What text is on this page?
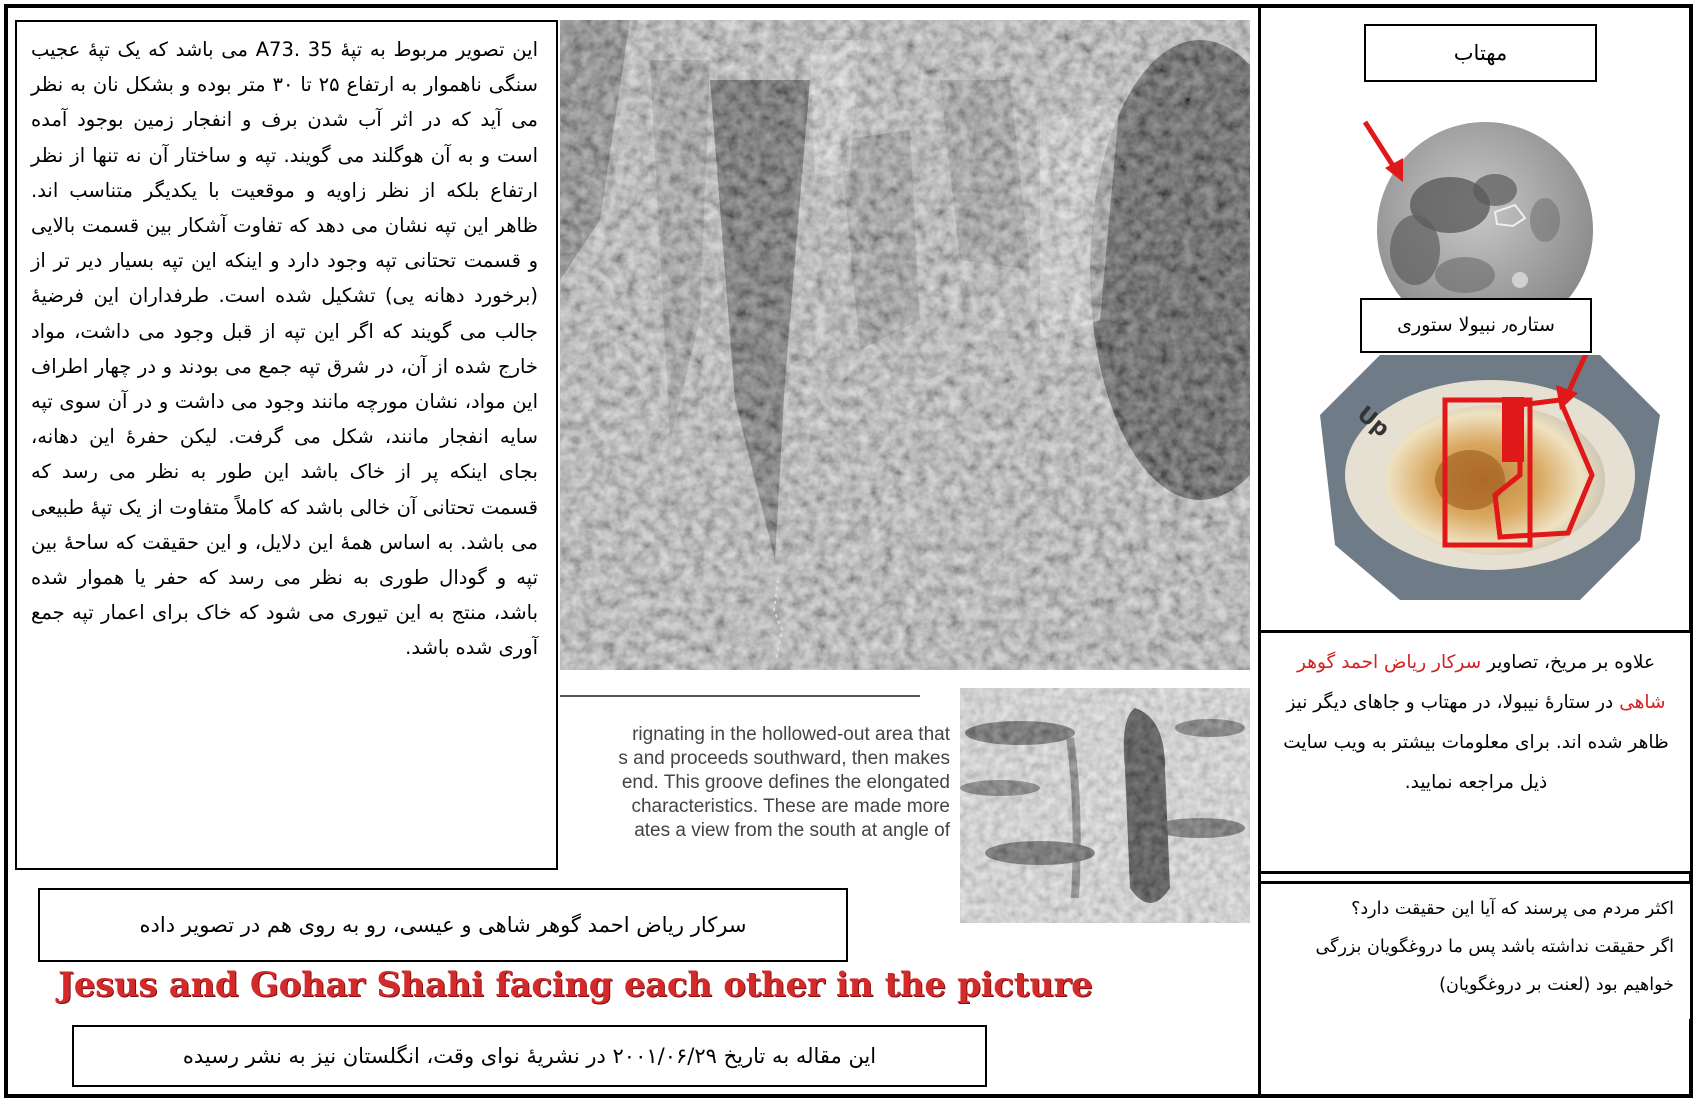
rignating in the hollowed-out area that
s and proceeds southward, then makes
end. This groove defines the elongated
characteristics. These are made more
ates a view from the south at angle of

این تصویر مربوط به تپۀ A73. 35 می باشد که یک تپۀ عجیب سنگی ناهموار به ارتفاع ۲۵ تا ۳۰ متر بوده و بشکل نان به نظر می آید که در اثر آب شدن برف و انفجار زمین بوجود آمده است و به آن هوگلند می گویند. تپه و ساختار آن نه تنها از نظر ارتفاع بلکه از نظر زاویه و موقعیت با یکدیگر متناسب اند. ظاهر این تپه نشان می دهد که تفاوت آشکار بین قسمت بالایی و قسمت تحتانی تپه وجود دارد و اینکه این تپه بسیار دیر تر از (برخورد دهانه یی) تشکیل شده است. طرفداران این فرضیۀ جالب می گویند که اگر این تپه از قبل وجود می داشت، مواد خارج شده از آن، در شرق تپه جمع می بودند و در چهار اطراف این مواد، نشان مورچه مانند وجود می داشت و در آن سوی تپه سایه انفجار مانند، شکل می گرفت. لیکن حفرۀ این دهانه، بجای اینکه پر از خاک باشد این طور به نظر می رسد که قسمت تحتانی آن خالی باشد که کاملاً متفاوت از یک تپۀ طبیعی می باشد. به اساس همۀ این دلایل، و این حقیقت که ساحۀ بین تپه و گودال طوری به نظر می رسد که حفر یا هموار شده باشد، منتج به این تیوری می شود که خاک برای اعمار تپه جمع آوری شده باشد.

سرکار ریاض احمد گوهر شاهی و عیسی، رو به روی هم در تصویر داده
Jesus and Gohar Shahi facing each other in the picture
این مقاله به تاریخ ۲۰۰۱/۰۶/۲۹ در نشریۀ نوای وقت، انگلستان نیز به نشر رسیده
مهتاب
ستاره٫ نبیولا ستوری
Up
علاوه بر مریخ، تصاویر سرکار ریاض احمد گوهر شاهی در ستارۀ نیبولا، در مهتاب و جاهای دیگر نیز ظاهر شده اند. برای معلومات بیشتر به ویب سایت ذیل مراجعه نمایید.
اکثر مردم می پرسند که آیا این حقیقت دارد؟
اگر حقیقت نداشته باشد پس ما دروغگویان بزرگی خواهیم بود (لعنت بر دروغگویان)
